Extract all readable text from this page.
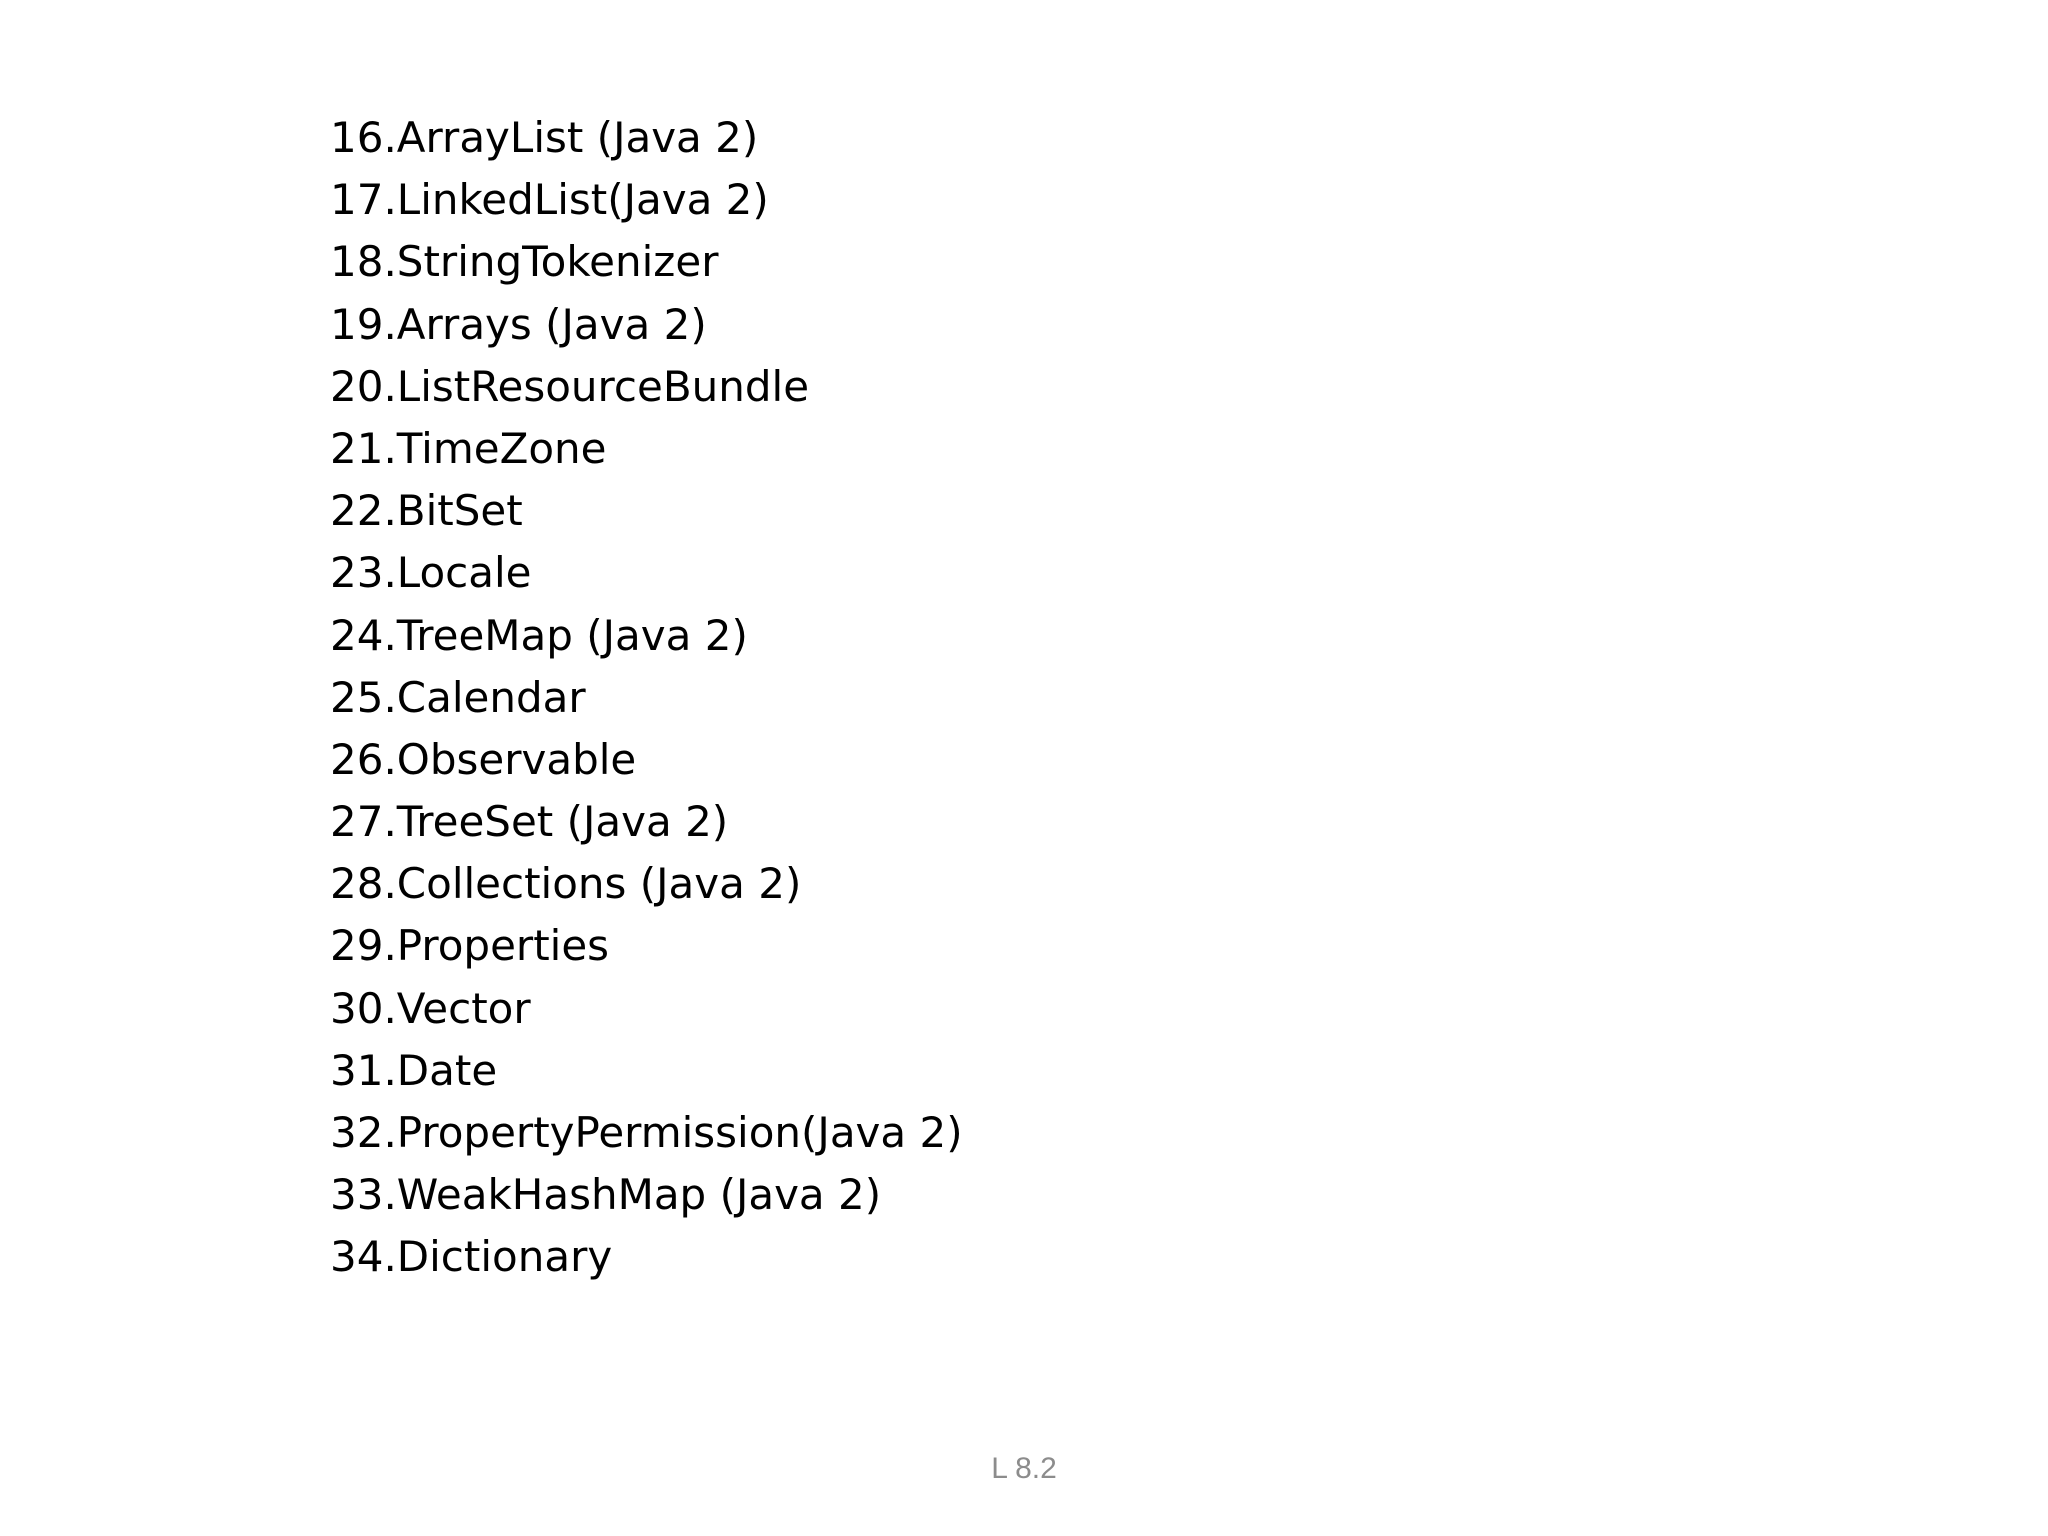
16.ArrayList (Java 2)
17.LinkedList(Java 2)
18.StringTokenizer
19.Arrays (Java 2)
20.ListResourceBundle
21.TimeZone
22.BitSet
23.Locale
24.TreeMap (Java 2)
25.Calendar
26.Observable
27.TreeSet (Java 2)
28.Collections (Java 2)
29.Properties
30.Vector
31.Date
32.PropertyPermission(Java 2)
33.WeakHashMap (Java 2)
34.Dictionary
L 8.2
